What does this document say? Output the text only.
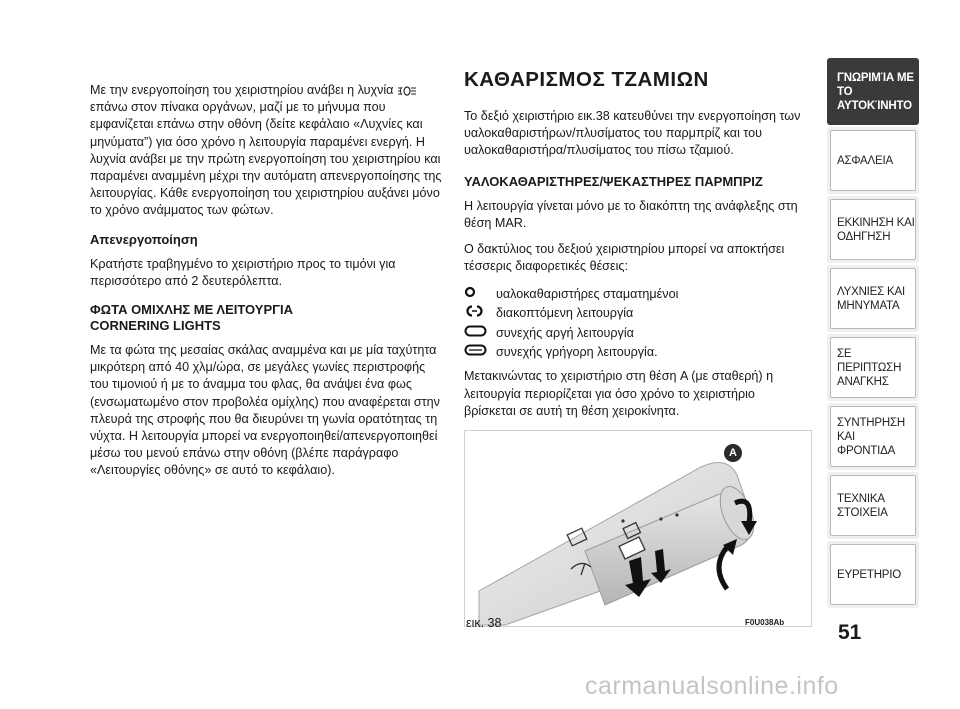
Με την ενεργοποίηση του χειριστηρίου ανάβει η λυχνία  επάνω στον πίνακα οργάνων, μαζί με το μήνυμα που εμφανίζεται επάνω στην οθόνη (δείτε κεφάλαιο «Λυχνίες και μηνύματα”) για όσο χρόνο η λειτουργία παραμένει ενεργή. Η λυχνία ανάβει με την πρώτη ενεργοποίηση του χειριστηρίου και παραμένει αναμμένη μέχρι την αυτόματη απενεργοποίησης της λειτουργίας. Κάθε ενεργοποίηση του χειριστηρίου αυξάνει μόνο το χρόνο ανάμματος των φώτων.

Απενεργοποίηση

Κρατήστε τραβηγμένο το χειριστήριο προς το τιμόνι για περισσότερο από 2 δευτερόλεπτα.

ΦΩΤΑ ΟΜΙΧΛΗΣ ΜΕ ΛΕΙΤΟΥΡΓΙΑ
CORNERING LIGHTS

Με τα φώτα της μεσαίας σκάλας αναμμένα και με μία ταχύτητα μικρότερη από 40 χλμ/ώρα, σε μεγάλες γωνίες περιστροφής του τιμονιού ή με το άναμμα του φλας, θα ανάψει ένα φως (ενσωματωμένο στον προβολέα ομίχλης) που αναφέρεται στην πλευρά της στροφής που θα διευρύνει τη γωνία ορατότητας τη νύχτα. Η λειτουργία μπορεί να ενεργοποιηθεί/απενεργοποιηθεί μέσω του μενού επάνω στην οθόνη (βλέπε παράγραφο «Λειτουργίες οθόνης» σε αυτό το κεφάλαιο).

ΚΑΘΑΡΙΣΜΟΣ ΤΖΑΜΙΩΝ

Το δεξιό χειριστήριο εικ.38 κατευθύνει την ενεργοποίηση των υαλοκαθαριστήρων/πλυσίματος του παρμπρίζ και του υαλοκαθαριστήρα/πλυσίματος του πίσω τζαμιού.

ΥΑΛΟΚΑΘΑΡΙΣΤΗΡΕΣ/ΨΕΚΑΣΤΗΡΕΣ ΠΑΡΜΠΡΙΖ

Η λειτουργία γίνεται μόνο με το διακόπτη της ανάφλεξης στη θέση MAR.

Ο δακτύλιος του δεξιού χειριστηρίου μπορεί να αποκτήσει τέσσερις διαφορετικές θέσεις:

υαλοκαθαριστήρες σταματημένοι
διακοπτόμενη λειτουργία
συνεχής αργή λειτουργία
συνεχής γρήγορη λειτουργία.

Μετακινώντας το χειριστήριο στη θέση A (με σταθερή) η λειτουργία περιορίζεται για όσο χρόνο το χειριστήριο βρίσκεται σε αυτή τη θέση χειροκίνητα.

A
εικ. 38	F0U038Ab
ΓΝΩΡΙΜΊΑ ΜΕ ΤΟ ΑΥΤΟΚΊΝΗΤΟ
ΑΣΦΑΛΕΙΑ
ΕΚΚΙΝΗΣΗ ΚΑΙ ΟΔΗΓΗΣΗ
ΛΥΧΝΙΕΣ ΚΑΙ ΜΗΝΥΜΑΤΑ
ΣΕ ΠΕΡΙΠΤΩΣΗ ΑΝΑΓΚΗΣ
ΣΥΝΤΗΡΗΣΗ ΚΑΙ ΦΡΟΝΤΙΔΑ
ΤΕΧΝΙΚΑ ΣΤΟΙΧΕΙΑ
ΕΥΡΕΤΗΡΙΟ
51
carmanualsonline.info
